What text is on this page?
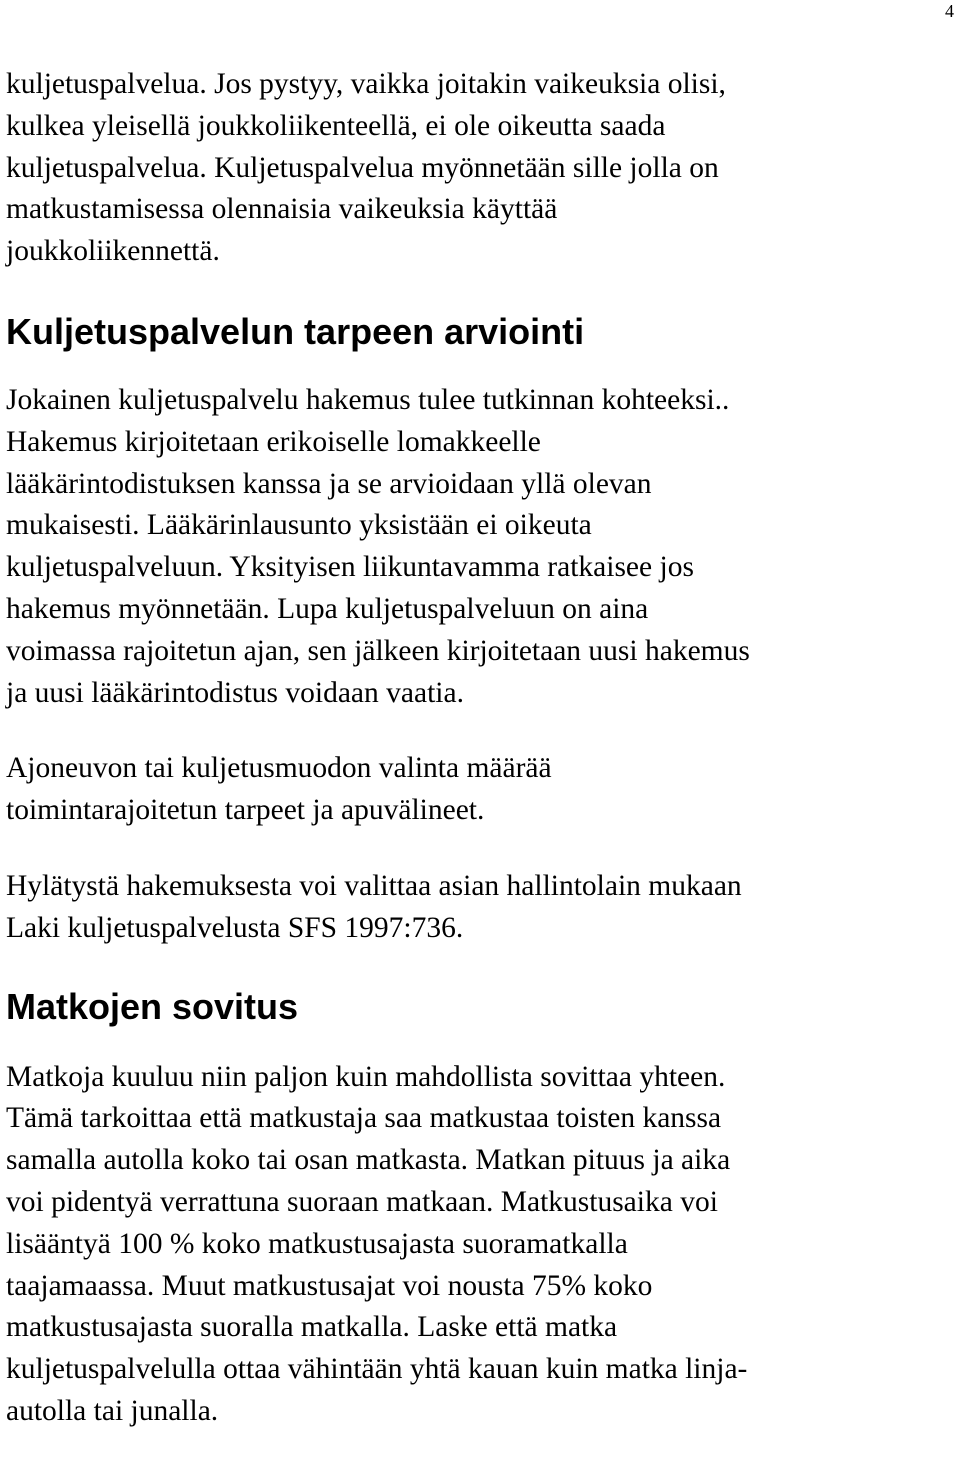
4

kuljetuspalvelua. Jos pystyy, vaikka joitakin vaikeuksia olisi,
kulkea yleisellä joukkoliikenteellä, ei ole oikeutta saada
kuljetuspalvelua. Kuljetuspalvelua myönnetään sille jolla on
matkustamisessa olennaisia vaikeuksia käyttää
joukkoliikennettä.

Kuljetuspalvelun tarpeen arviointi

Jokainen kuljetuspalvelu hakemus tulee tutkinnan kohteeksi..
Hakemus kirjoitetaan erikoiselle lomakkeelle
lääkärintodistuksen kanssa ja se arvioidaan yllä olevan
mukaisesti. Lääkärinlausunto yksistään ei oikeuta
kuljetuspalveluun. Yksityisen liikuntavamma ratkaisee jos
hakemus myönnetään. Lupa kuljetuspalveluun on aina
voimassa rajoitetun ajan, sen jälkeen kirjoitetaan uusi hakemus
ja uusi lääkärintodistus voidaan vaatia.

Ajoneuvon tai kuljetusmuodon valinta määrää
toimintarajoitetun tarpeet ja apuvälineet.

Hylätystä hakemuksesta voi valittaa asian hallintolain mukaan
Laki kuljetuspalvelusta SFS 1997:736.

Matkojen sovitus

Matkoja kuuluu niin paljon kuin mahdollista sovittaa yhteen.
Tämä tarkoittaa että matkustaja saa matkustaa toisten kanssa
samalla autolla koko tai osan matkasta. Matkan pituus ja aika
voi pidentyä verrattuna suoraan matkaan. Matkustusaika voi
lisääntyä 100 % koko matkustusajasta suoramatkalla
taajamaassa. Muut matkustusajat voi nousta 75% koko
matkustusajasta suoralla matkalla. Laske että matka
kuljetuspalvelulla ottaa vähintään yhtä kauan kuin matka linja-
autolla tai junalla.
